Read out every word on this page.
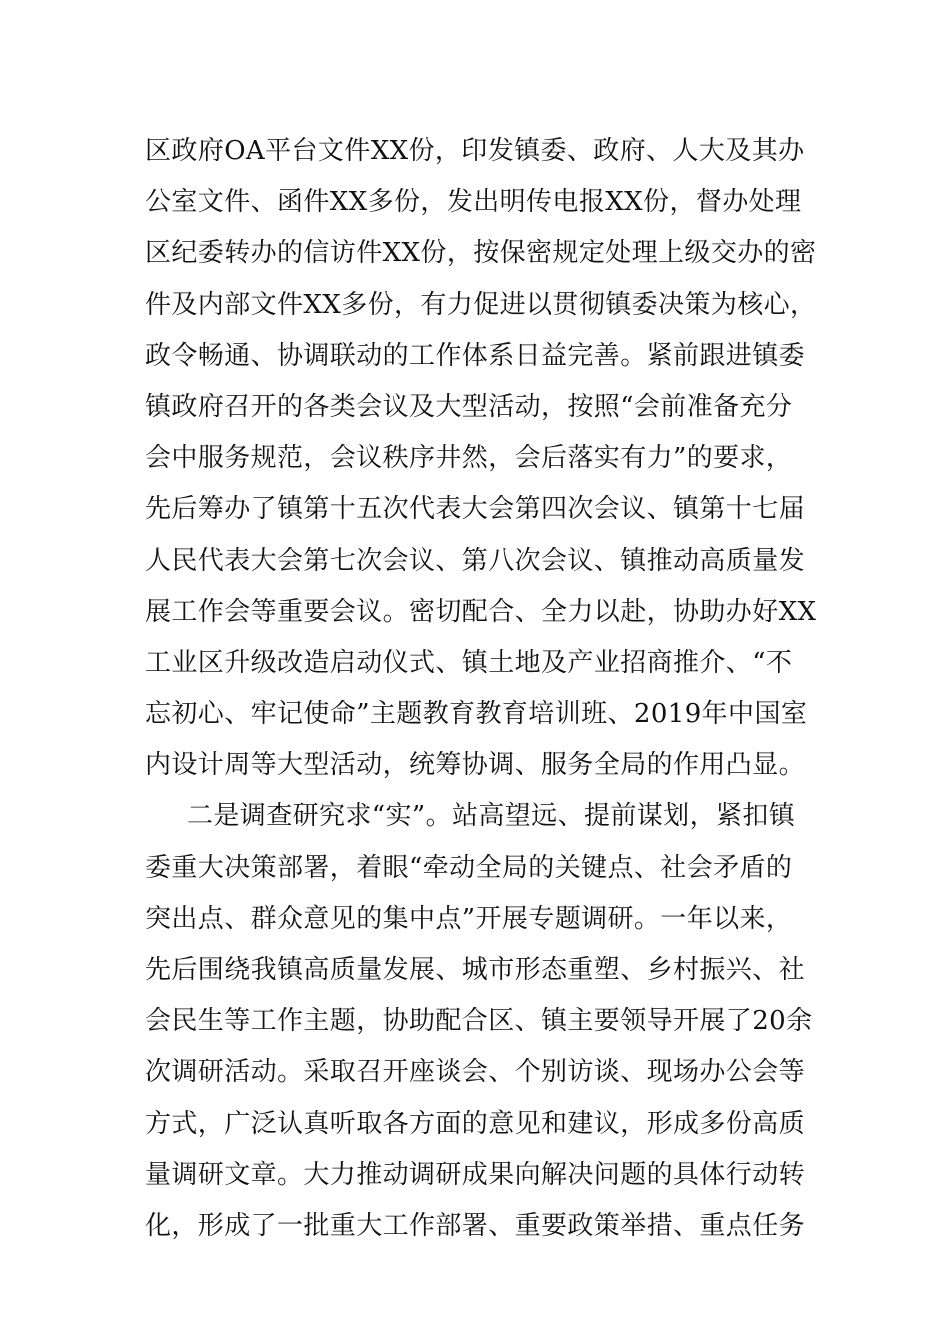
区政府OA平台文件XX份，印发镇委、政府、人大及其办
公室文件、函件XX多份，发出明传电报XX份，督办处理
区纪委转办的信访件XX份，按保密规定处理上级交办的密
件及内部文件XX多份，有力促进以贯彻镇委决策为核心，
政令畅通、协调联动的工作体系日益完善。紧前跟进镇委
镇政府召开的各类会议及大型活动，按照“会前准备充分
会中服务规范，会议秩序井然，会后落实有力”的要求，
先后筹办了镇第十五次代表大会第四次会议、镇第十七届
人民代表大会第七次会议、第八次会议、镇推动高质量发
展工作会等重要会议。密切配合、全力以赴，协助办好XX
工业区升级改造启动仪式、镇土地及产业招商推介、“不
忘初心、牢记使命”主题教育教育培训班、2019年中国室
内设计周等大型活动，统筹协调、服务全局的作用凸显。
二是调查研究求“实”。站高望远、提前谋划，紧扣镇
委重大决策部署，着眼“牵动全局的关键点、社会矛盾的
突出点、群众意见的集中点”开展专题调研。一年以来，
先后围绕我镇高质量发展、城市形态重塑、乡村振兴、社
会民生等工作主题，协助配合区、镇主要领导开展了20余
次调研活动。采取召开座谈会、个别访谈、现场办公会等
方式，广泛认真听取各方面的意见和建议，形成多份高质
量调研文章。大力推动调研成果向解决问题的具体行动转
化，形成了一批重大工作部署、重要政策举措、重点任务
